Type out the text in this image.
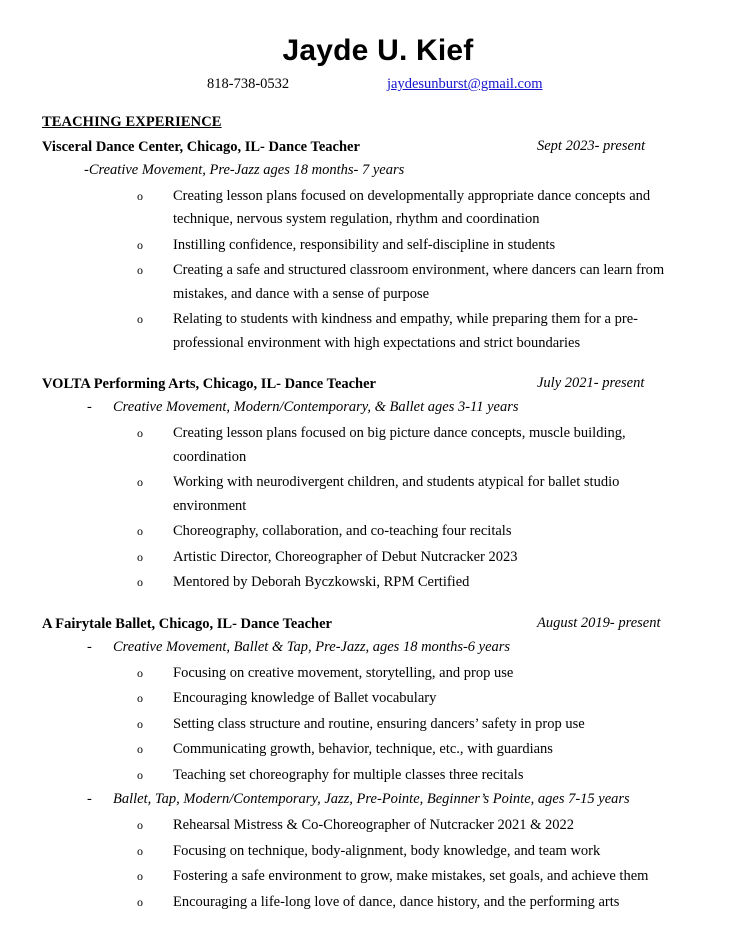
Jayde U. Kief
818-738-0532	jaydesunburst@gmail.com
TEACHING EXPERIENCE
Visceral Dance Center, Chicago, IL- Dance Teacher	Sept 2023- present
-Creative Movement, Pre-Jazz ages 18 months- 7 years
o Creating lesson plans focused on developmentally appropriate dance concepts and technique, nervous system regulation, rhythm and coordination
o Instilling confidence, responsibility and self-discipline in students
o Creating a safe and structured classroom environment, where dancers can learn from mistakes, and dance with a sense of purpose
o Relating to students with kindness and empathy, while preparing them for a pre-professional environment with high expectations and strict boundaries
VOLTA Performing Arts, Chicago, IL- Dance Teacher	July 2021- present
- Creative Movement, Modern/Contemporary, & Ballet ages 3-11 years
o Creating lesson plans focused on big picture dance concepts, muscle building, coordination
o Working with neurodivergent children, and students atypical for ballet studio environment
o Choreography, collaboration, and co-teaching four recitals
o Artistic Director, Choreographer of Debut Nutcracker 2023
o Mentored by Deborah Byczkowski, RPM Certified
A Fairytale Ballet, Chicago, IL- Dance Teacher	August 2019- present
- Creative Movement, Ballet & Tap, Pre-Jazz, ages 18 months-6 years
o Focusing on creative movement, storytelling, and prop use
o Encouraging knowledge of Ballet vocabulary
o Setting class structure and routine, ensuring dancers’ safety in prop use
o Communicating growth, behavior, technique, etc., with guardians
o Teaching set choreography for multiple classes three recitals
- Ballet, Tap, Modern/Contemporary, Jazz, Pre-Pointe, Beginner’s Pointe, ages 7-15 years
o Rehearsal Mistress & Co-Choreographer of Nutcracker 2021 & 2022
o Focusing on technique, body-alignment, body knowledge, and team work
o Fostering a safe environment to grow, make mistakes, set goals, and achieve them
o Encouraging a life-long love of dance, dance history, and the performing arts
